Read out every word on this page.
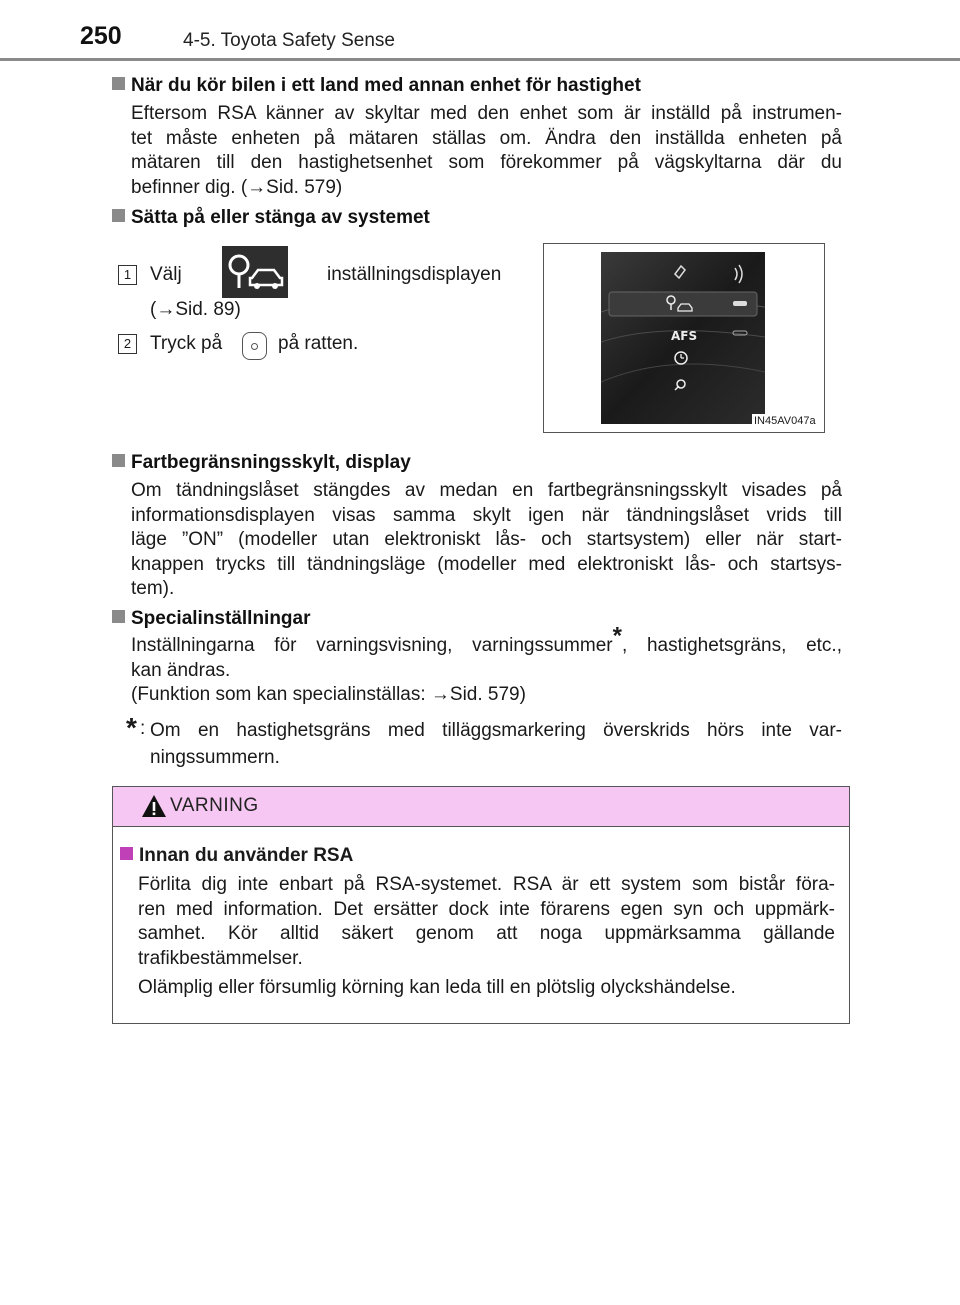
250	4-5. Toyota Safety Sense
När du kör bilen i ett land med annan enhet för hastighet
Eftersom RSA känner av skyltar med den enhet som är inställd på instrumen-
tet måste enheten på mätaren ställas om. Ändra den inställda enheten på
mätaren till den hastighetsenhet som förekommer på vägskyltarna där du
befinner dig. (→Sid. 579)
Sätta på eller stänga av systemet
1 Välj	inställningsdisplayen
(→Sid. 89)
2 Tryck på	på ratten.	AFS
IN45AV047a
Fartbegränsningsskylt, display
Om tändningslåset stängdes av medan en fartbegränsningsskylt visades på
informationsdisplayen visas samma skylt igen när tändningslåset vrids till
läge ”ON” (modeller utan elektroniskt lås- och startsystem) eller när start-
knappen trycks till tändningsläge (modeller med elektroniskt lås- och startsys-
tem).
Specialinställningar
Inställningarna för varningsvisning, varningssummer*, hastighetsgräns, etc.,
kan ändras.
(Funktion som kan specialinställas: →Sid. 579)
* : Om en hastighetsgräns med tilläggsmarkering överskrids hörs inte var-
ningssummern.
VARNING
Innan du använder RSA
Förlita dig inte enbart på RSA-systemet. RSA är ett system som bistår föra-
ren med information. Det ersätter dock inte förarens egen syn och uppmärk-
samhet. Kör alltid säkert genom att noga uppmärksamma gällande
trafikbestämmelser.
Olämplig eller försumlig körning kan leda till en plötslig olyckshändelse.
